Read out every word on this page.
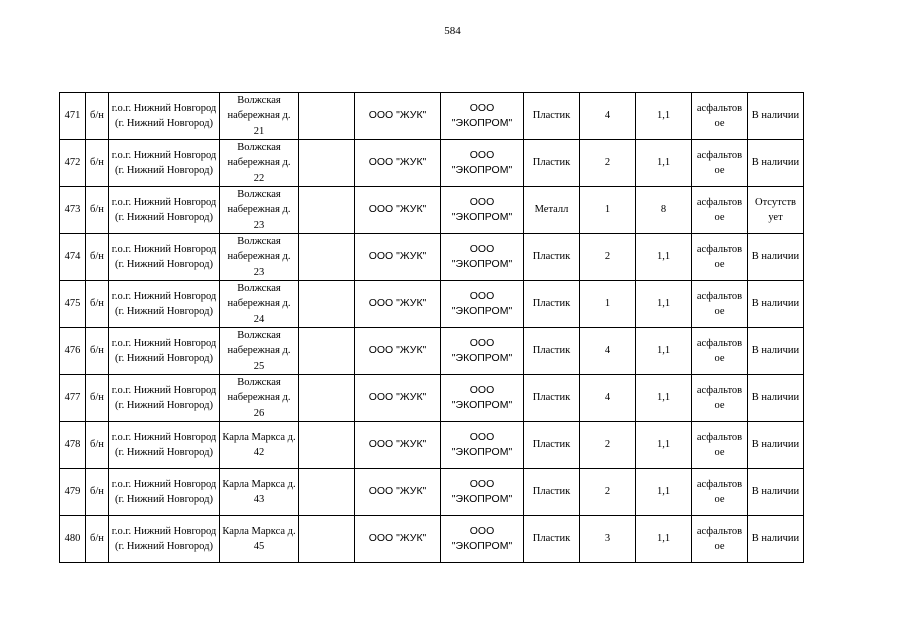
584
471	б/н	г.о.г. Нижний Новгород (г. Нижний Новгород)	Волжская набережная д. 21		ООО "ЖУК"	ООО "ЭКОПРОМ"	Пластик	4	1,1	асфальтов ое	В наличии
472	б/н	г.о.г. Нижний Новгород (г. Нижний Новгород)	Волжская набережная д. 22		ООО "ЖУК"	ООО "ЭКОПРОМ"	Пластик	2	1,1	асфальтов ое	В наличии
473	б/н	г.о.г. Нижний Новгород (г. Нижний Новгород)	Волжская набережная д. 23		ООО "ЖУК"	ООО "ЭКОПРОМ"	Металл	1	8	асфальтов ое	Отсутств ует
474	б/н	г.о.г. Нижний Новгород (г. Нижний Новгород)	Волжская набережная д. 23		ООО "ЖУК"	ООО "ЭКОПРОМ"	Пластик	2	1,1	асфальтов ое	В наличии
475	б/н	г.о.г. Нижний Новгород (г. Нижний Новгород)	Волжская набережная д. 24		ООО "ЖУК"	ООО "ЭКОПРОМ"	Пластик	1	1,1	асфальтов ое	В наличии
476	б/н	г.о.г. Нижний Новгород (г. Нижний Новгород)	Волжская набережная д. 25		ООО "ЖУК"	ООО "ЭКОПРОМ"	Пластик	4	1,1	асфальтов ое	В наличии
477	б/н	г.о.г. Нижний Новгород (г. Нижний Новгород)	Волжская набережная д. 26		ООО "ЖУК"	ООО "ЭКОПРОМ"	Пластик	4	1,1	асфальтов ое	В наличии
478	б/н	г.о.г. Нижний Новгород (г. Нижний Новгород)	Карла Маркса д. 42		ООО "ЖУК"	ООО "ЭКОПРОМ"	Пластик	2	1,1	асфальтов ое	В наличии
479	б/н	г.о.г. Нижний Новгород (г. Нижний Новгород)	Карла Маркса д. 43		ООО "ЖУК"	ООО "ЭКОПРОМ"	Пластик	2	1,1	асфальтов ое	В наличии
480	б/н	г.о.г. Нижний Новгород (г. Нижний Новгород)	Карла Маркса д. 45		ООО "ЖУК"	ООО "ЭКОПРОМ"	Пластик	3	1,1	асфальтов ое	В наличии
